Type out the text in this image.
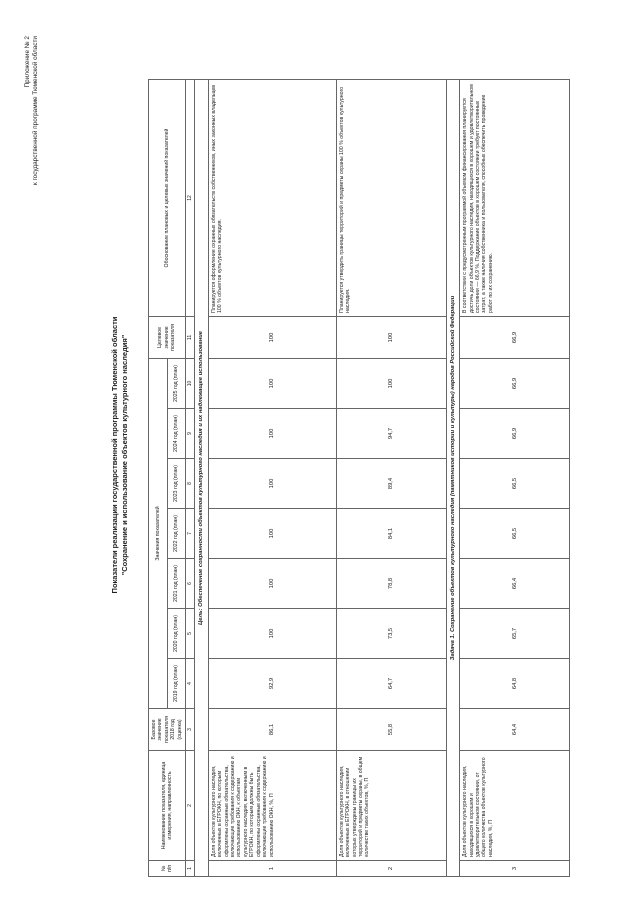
Приложение № 2 к государственной программе Тюменской области
Показатели реализации государственной программы Тюменской области "Сохранение и использование объектов культурного наследия"
№ п/п	Наименование показателя, единица измерения, направленность	Базовое значение показателя 2018 год (оценка)	Значения показателей							Целевое значение показателя	Обоснование плановых и целевых значений показателей
			2019 год (план)	2020 год (план)	2021 год (план)	2022 год (план)	2023 год (план)	2024 год (план)	2025 год (план)		
1	2	3	4	5	6	7	8	9	10	11	12
Цель: Обеспечение сохранности объектов культурного наследия и их надлежащее использование											
1	Доля объектов культурного наследия, включенных в ЕГРОКН, по которым оформлены охранные обязательства, включающие требования к содержанию и использованию ОКН, к объектам культурного наследия, включенным в ЕГРОКН, по которым должны быть оформлены охранные обязательства, включающие требования к содержанию и использованию ОКН, %, П	86,1	92,9	100	100	100	100	100	100	100	Планируется оформление охранных обязательств собственников, иных законных владельцев 100 % объектов культурного наследия.
2	Доля объектов культурного наследия, включенных в ЕГРОКН, в отношении которых утверждены границы их территорий и предметы охраны, в общем количестве таких объектов, %, П	55,8	64,7	73,5	78,8	84,1	89,4	94,7	100	100	Планируется утвердить границы территорий и предметы охраны 100 % объектов культурного наследия.
Задача 1. Сохранение объектов культурного наследия (памятников истории и культуры) народов Российской Федерации											
3	Доля объектов культурного наследия, находящихся в хорошем и удовлетворительном состоянии, от общего количества объектов культурного наследия, %, П	64,4	64,8	65,7	66,4	66,5	66,5	66,9	66,9	66,9	В соответствии с предусмотренным программой объемом финансирования планируется достичь доли объектов культурного наследия, находящихся в хорошем и удовлетворительном состоянии — 66,9 %. Поддержание объектов в хорошем состоянии требует постоянных затрат, а также наличия собственника и пользователя, способных обеспечить проведение работ по их сохранению.
